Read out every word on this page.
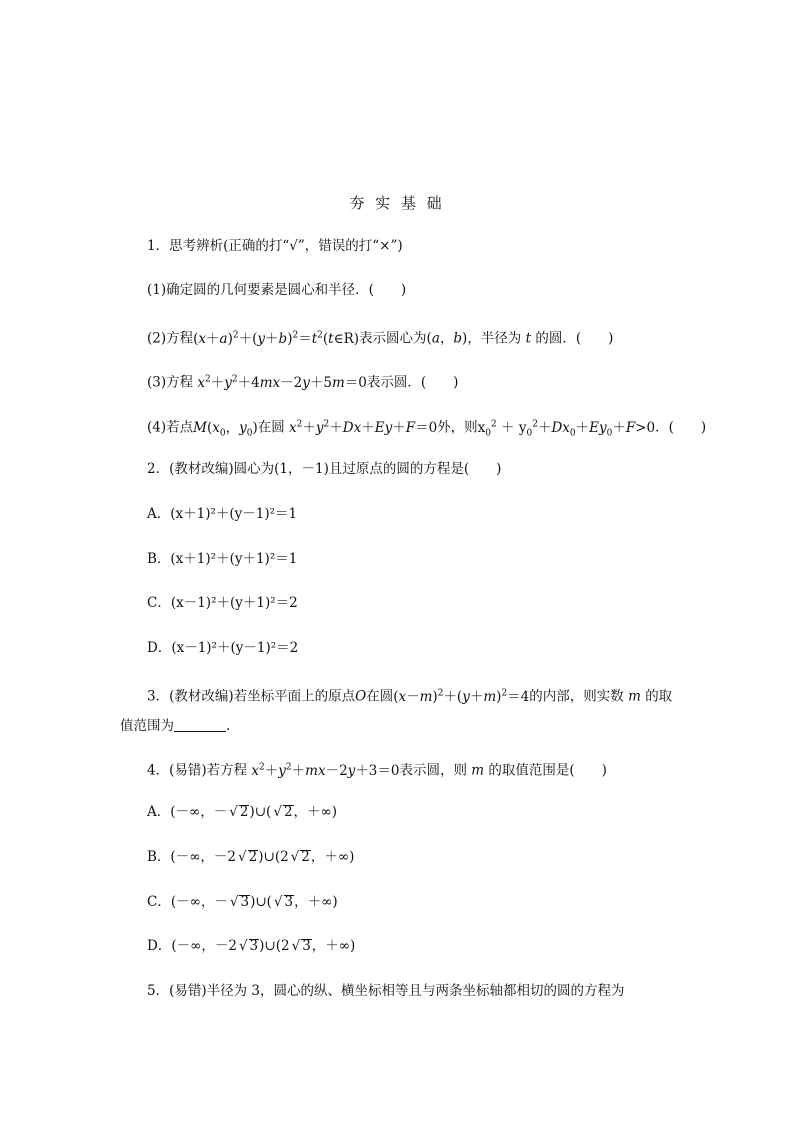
夯 实 基 础
1．思考辨析(正确的打“√”，错误的打“×”)
(1)确定圆的几何要素是圆心和半径．(　　)
(2)方程$(x+a)^2+(y+b)^2=t^2(t\in R)$表示圆心为(a，b)，半径为 t 的圆．(　　)
(3)方程 $x^2+y^2+4mx-2y+5m=0$表示圆．(　　)
(4)若点$M(x_0$，$y_0$)在圆 $x^2+y^2+Dx+Ey+F=0$外，则$x_0^2 + y_0^2+Dx_0+Ey_0+F>0$．(　　)
2．(教材改编)圆心为(1，－1)且过原点的圆的方程是(　　)
A．(x＋1)²＋(y－1)²＝1
B．(x＋1)²＋(y＋1)²＝1
C．(x－1)²＋(y＋1)²＝2
D．(x－1)²＋(y－1)²＝2
3．(教材改编)若坐标平面上的原点O在圆$(x-m)^2+(y+m)^2=4$的内部，则实数 m 的取
值范围为	.
4．(易错)若方程 $x^2+y^2+mx-2y+3=0$表示圆，则 m 的取值范围是(　　)
A．(－∞，－ √ 2)∪( √ 2，＋∞)
B．(－∞，－2 √ 2)∪(2 √ 2，＋∞)
C．(－∞，－ √ 3)∪( √ 3，＋∞)
D．(－∞，－2 √ 3)∪(2 √ 3，＋∞)
5．(易错)半径为 3，圆心的纵、横坐标相等且与两条坐标轴都相切的圆的方程为
